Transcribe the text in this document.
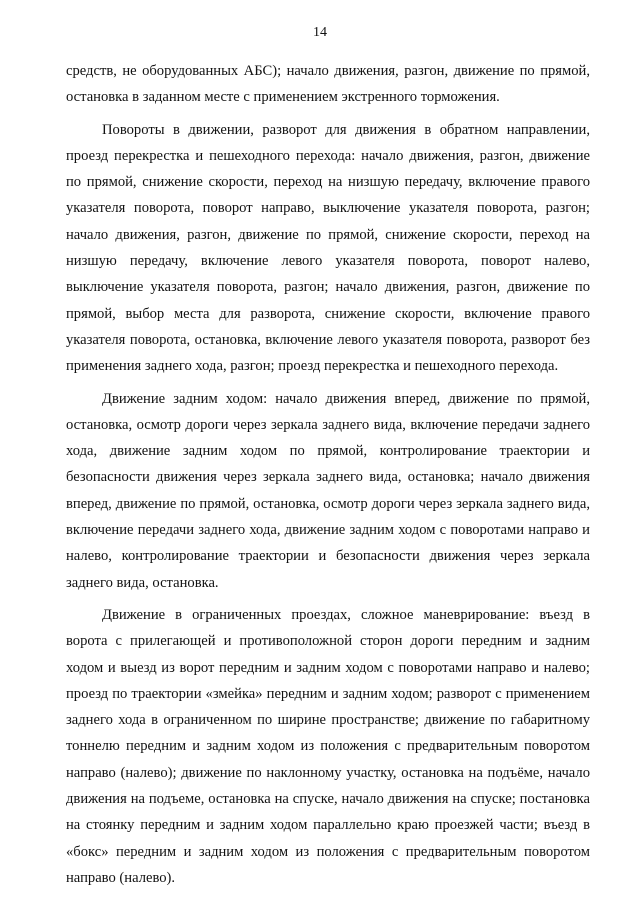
14

средств, не оборудованных АБС); начало движения, разгон, движение по прямой, остановка в заданном месте с применением экстренного торможения.

Повороты в движении, разворот для движения в обратном направлении, проезд перекрестка и пешеходного перехода: начало движения, разгон, движение по прямой, снижение скорости, переход на низшую передачу, включение правого указателя поворота, поворот направо, выключение указателя поворота, разгон; начало движения, разгон, движение по прямой, снижение скорости, переход на низшую передачу, включение левого указателя поворота, поворот налево, выключение указателя поворота, разгон; начало движения, разгон, движение по прямой, выбор места для разворота, снижение скорости, включение правого указателя поворота, остановка, включение левого указателя поворота, разворот без применения заднего хода, разгон; проезд перекрестка и пешеходного перехода.

Движение задним ходом: начало движения вперед, движение по прямой, остановка, осмотр дороги через зеркала заднего вида, включение передачи заднего хода, движение задним ходом по прямой, контролирование траектории и безопасности движения через зеркала заднего вида, остановка; начало движения вперед, движение по прямой, остановка, осмотр дороги через зеркала заднего вида, включение передачи заднего хода, движение задним ходом с поворотами направо и налево, контролирование траектории и безопасности движения через зеркала заднего вида, остановка.

Движение в ограниченных проездах, сложное маневрирование: въезд в ворота с прилегающей и противоположной сторон дороги передним и задним ходом и выезд из ворот передним и задним ходом с поворотами направо и налево; проезд по траектории «змейка» передним и задним ходом; разворот с применением заднего хода в ограниченном по ширине пространстве; движение по габаритному тоннелю передним и задним ходом из положения с предварительным поворотом направо (налево); движение по наклонному участку, остановка на подъёме, начало движения на подъеме, остановка на спуске, начало движения на спуске; постановка на стоянку передним и задним ходом параллельно краю проезжей части; въезд в «бокс» передним и задним ходом из положения с предварительным поворотом направо (налево).
